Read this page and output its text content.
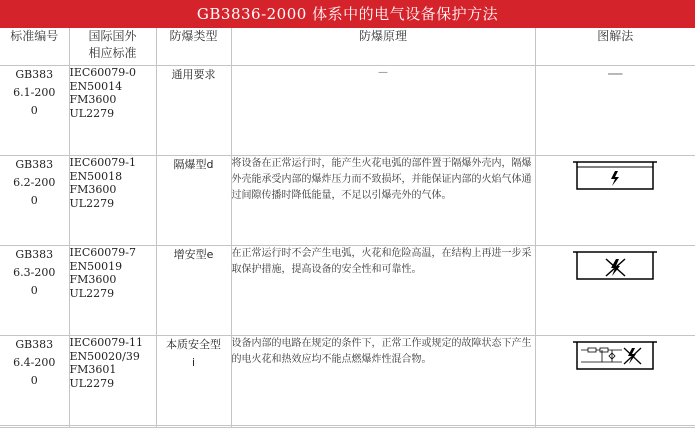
GB3836-2000 体系中的电气设备保护方法
标准编号	国际国外相应标准	防爆类型	防爆原理	图解法

GB3836.1-2000	IEC60079-0
EN50014
FM3600
UL2279	通用要求	—	—

GB3836.2-2000	IEC60079-1
EN50018
FM3600
UL2279	隔爆型d	将设备在正常运行时，能产生火花电弧的部件置于隔爆外壳内，隔爆外壳能承受内部的爆炸压力而不致损坏，并能保证内部的火焰气体通过间隙传播时降低能量，不足以引爆壳外的气体。	

GB3836.3-2000	IEC60079-7
EN50019
FM3600
UL2279	增安型e	在正常运行时不会产生电弧，火花和危险高温，在结构上再进一步采取保护措施，提高设备的安全性和可靠性。	

GB3836.4-2000	IEC60079-11
EN50020/39
FM3601
UL2279	本质安全型i	设备内部的电路在规定的条件下，正常工作或规定的故障状态下产生的电火花和热效应均不能点燃爆炸性混合物。	
